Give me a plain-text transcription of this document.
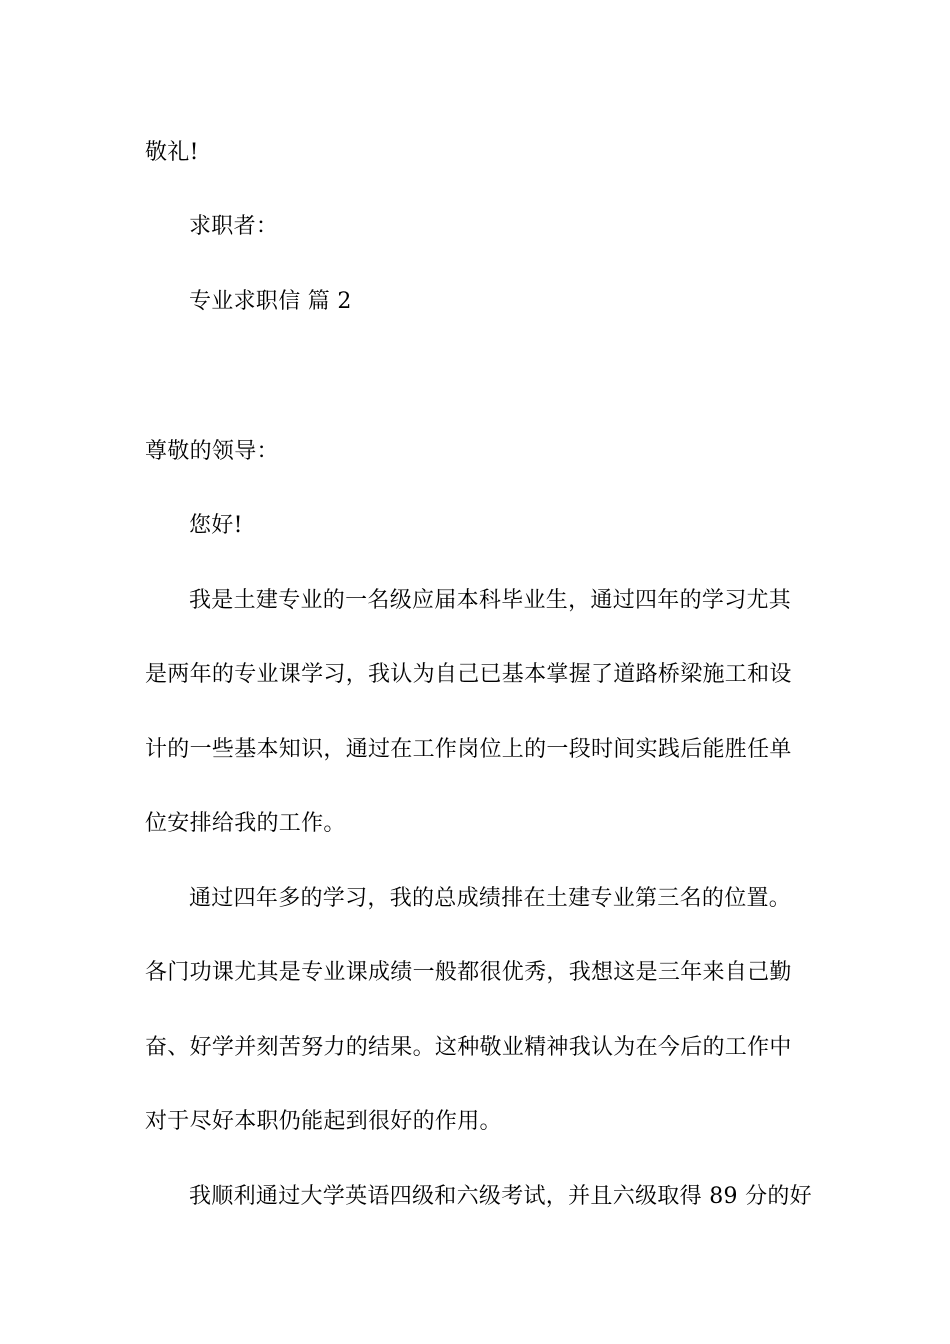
敬礼!
求职者：
专业求职信 篇 2
尊敬的领导：
您好!
我是土建专业的一名级应届本科毕业生，通过四年的学习尤其
是两年的专业课学习，我认为自己已基本掌握了道路桥梁施工和设
计的一些基本知识，通过在工作岗位上的一段时间实践后能胜任单
位安排给我的工作。
通过四年多的学习，我的总成绩排在土建专业第三名的位置。
各门功课尤其是专业课成绩一般都很优秀，我想这是三年来自己勤
奋、好学并刻苦努力的结果。这种敬业精神我认为在今后的工作中
对于尽好本职仍能起到很好的作用。
我顺利通过大学英语四级和六级考试，并且六级取得 89 分的好
